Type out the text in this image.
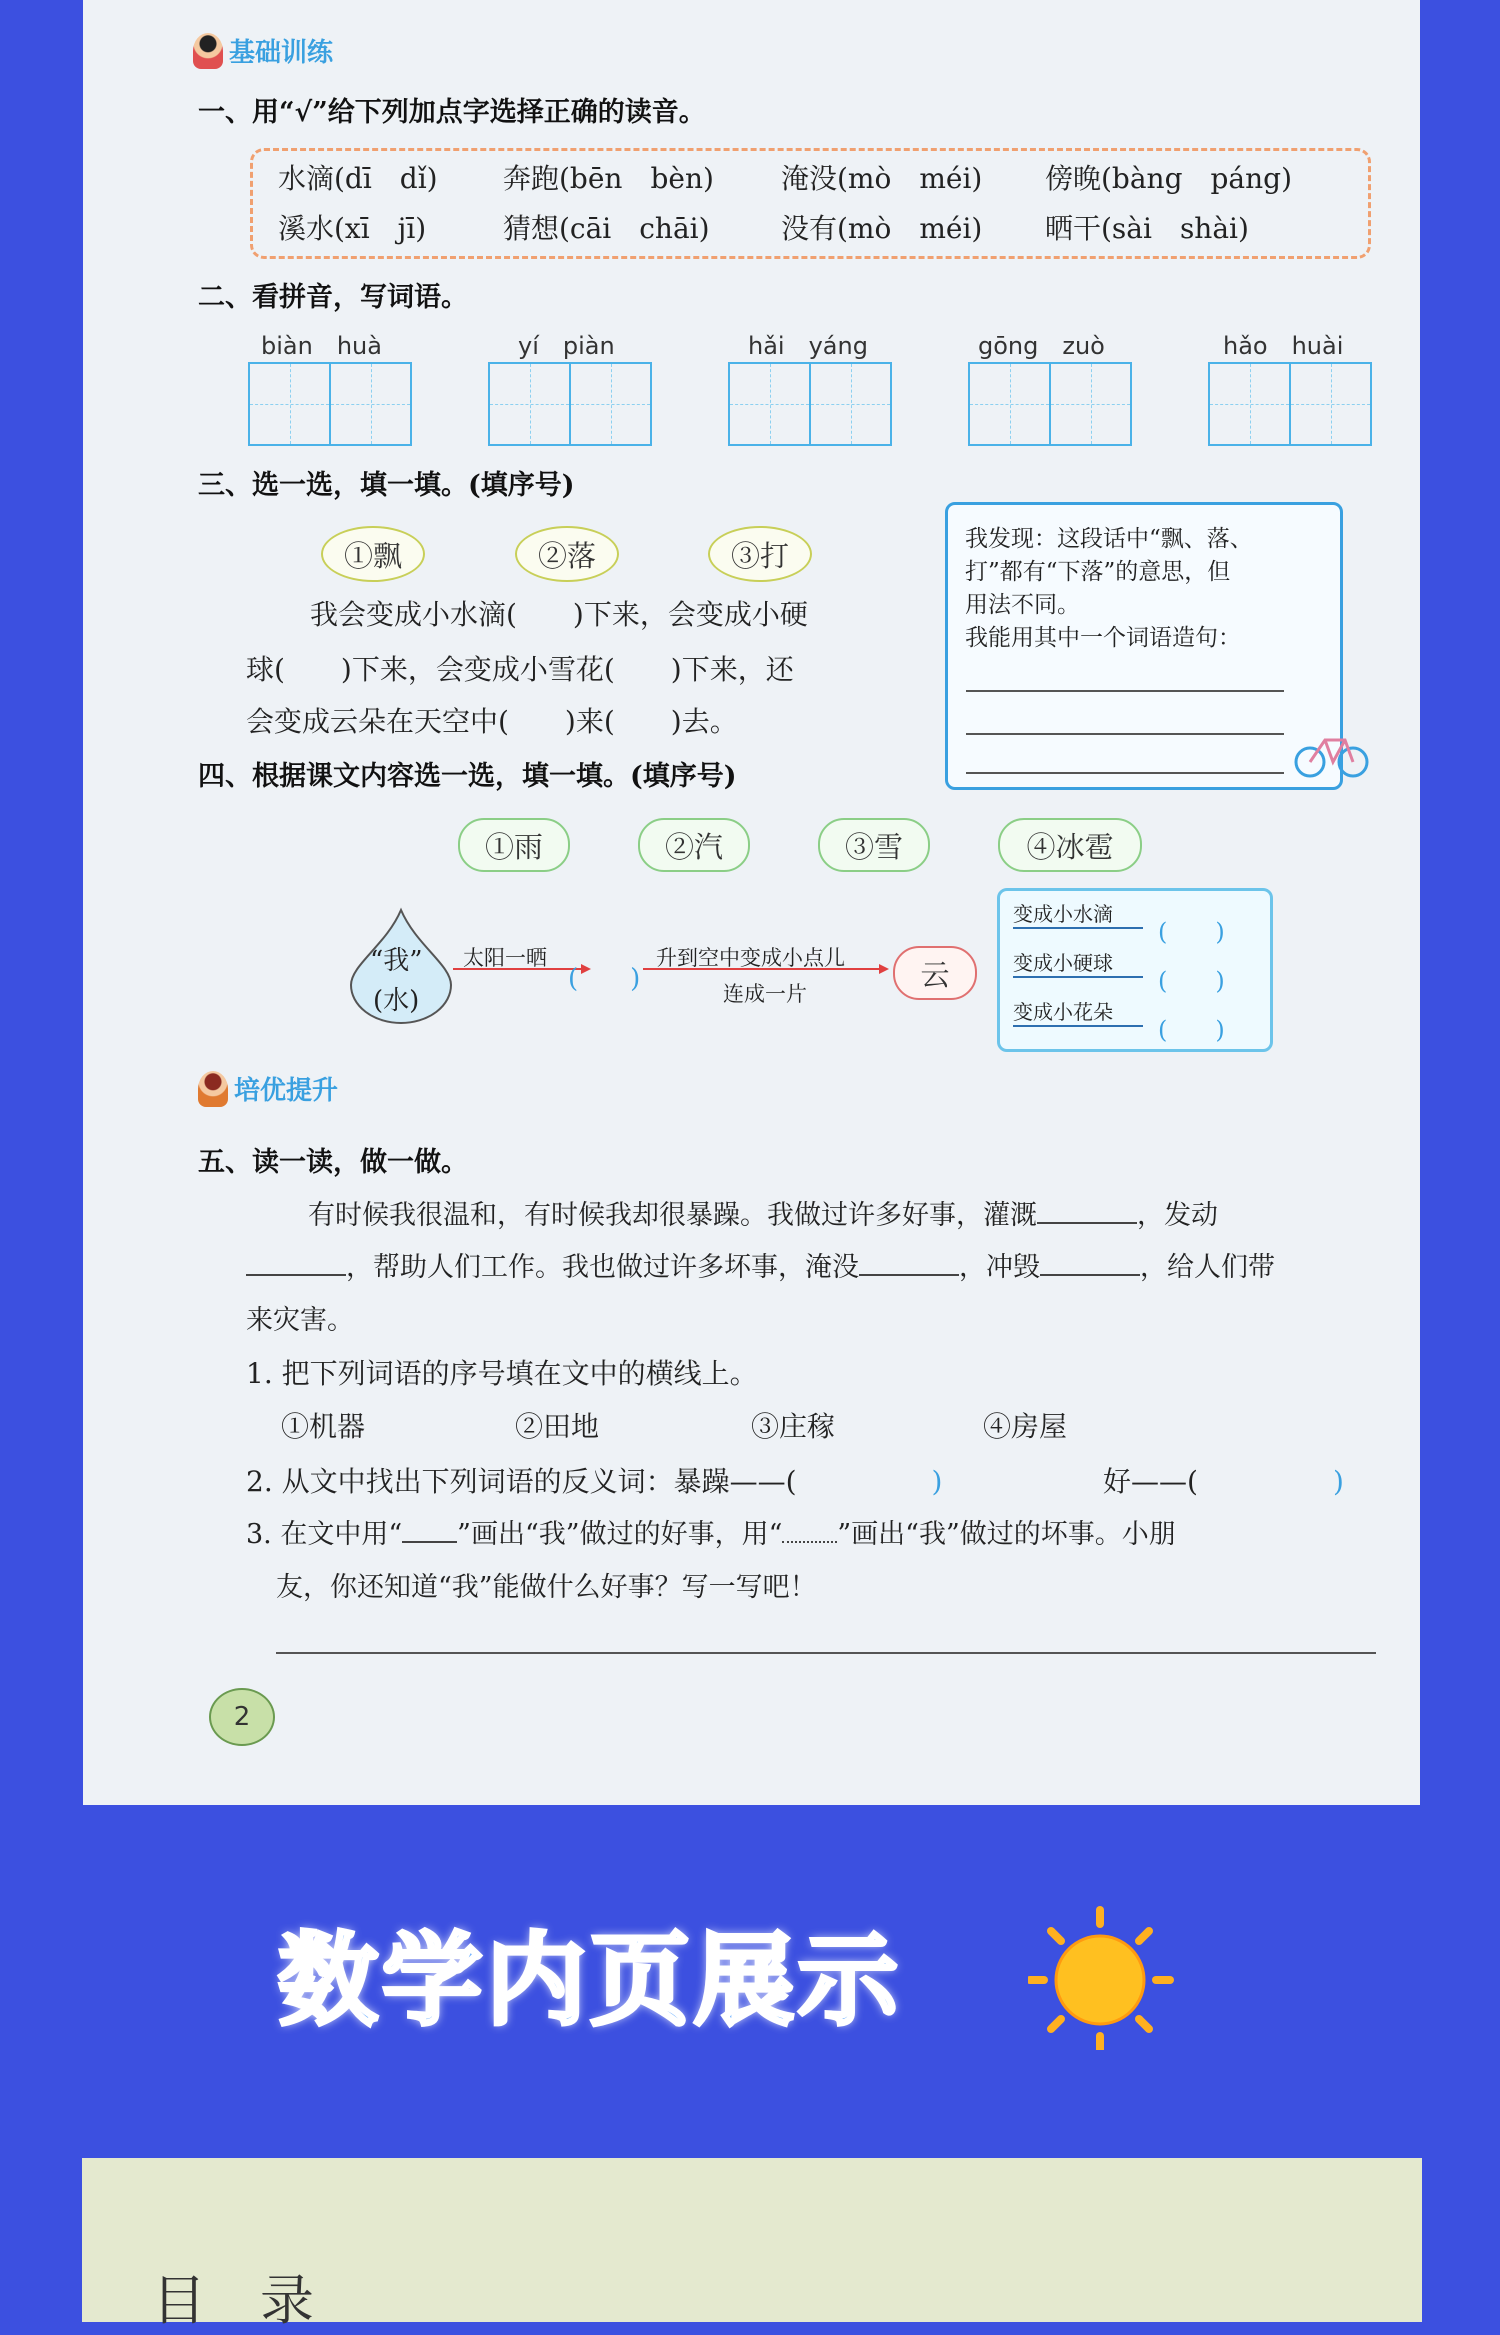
基础训练
一、用“√”给下列加点字选择正确的读音。
水滴(dī　dǐ) 奔跑(bēn　bèn) 淹没(mò　méi) 傍晚(bàng　páng)
溪水(xī　jī)	猜想(cāi　chāi)	没有(mò　méi) 晒干(sài　shài)
二、看拼音，写词语。
biàn　huà	yí　piàn	hǎi　yáng	gōng　zuò	hǎo　huài
三、选一选，填一填。(填序号)
①飘	②落	③打
我会变成小水滴(　　)下来，会变成小硬
球(　　)下来，会变成小雪花(　　)下来，还
会变成云朵在天空中(　　)来(　　)去。
我发现：这段话中“飘、落、
打”都有“下落”的意思，但
用法不同。
我能用其中一个词语造句：
四、根据课文内容选一选，填一填。(填序号)
①雨	②汽	③雪	④冰雹
“我”
(水)
太阳一晒
(　　)
升到空中变成小点儿
连成一片
云
变成小水滴
(　　)
变成小硬球
(　　)
变成小花朵
(　　)
培优提升
五、读一读，做一做。
有时候我很温和，有时候我却很暴躁。我做过许多好事，灌溉	，发动
，帮助人们工作。我也做过许多坏事，淹没	，冲毁	，给人们带
来灾害。
1. 把下列词语的序号填在文中的横线上。
①机器	②田地	③庄稼	④房屋
2. 从文中找出下列词语的反义词：暴躁——(	)	好——(	)
3. 在文中用“ ”画出“我”做过的好事，用“ ”画出“我”做过的坏事。小朋
友，你还知道“我”能做什么好事？写一写吧！
2
数学内页展示
目　录
